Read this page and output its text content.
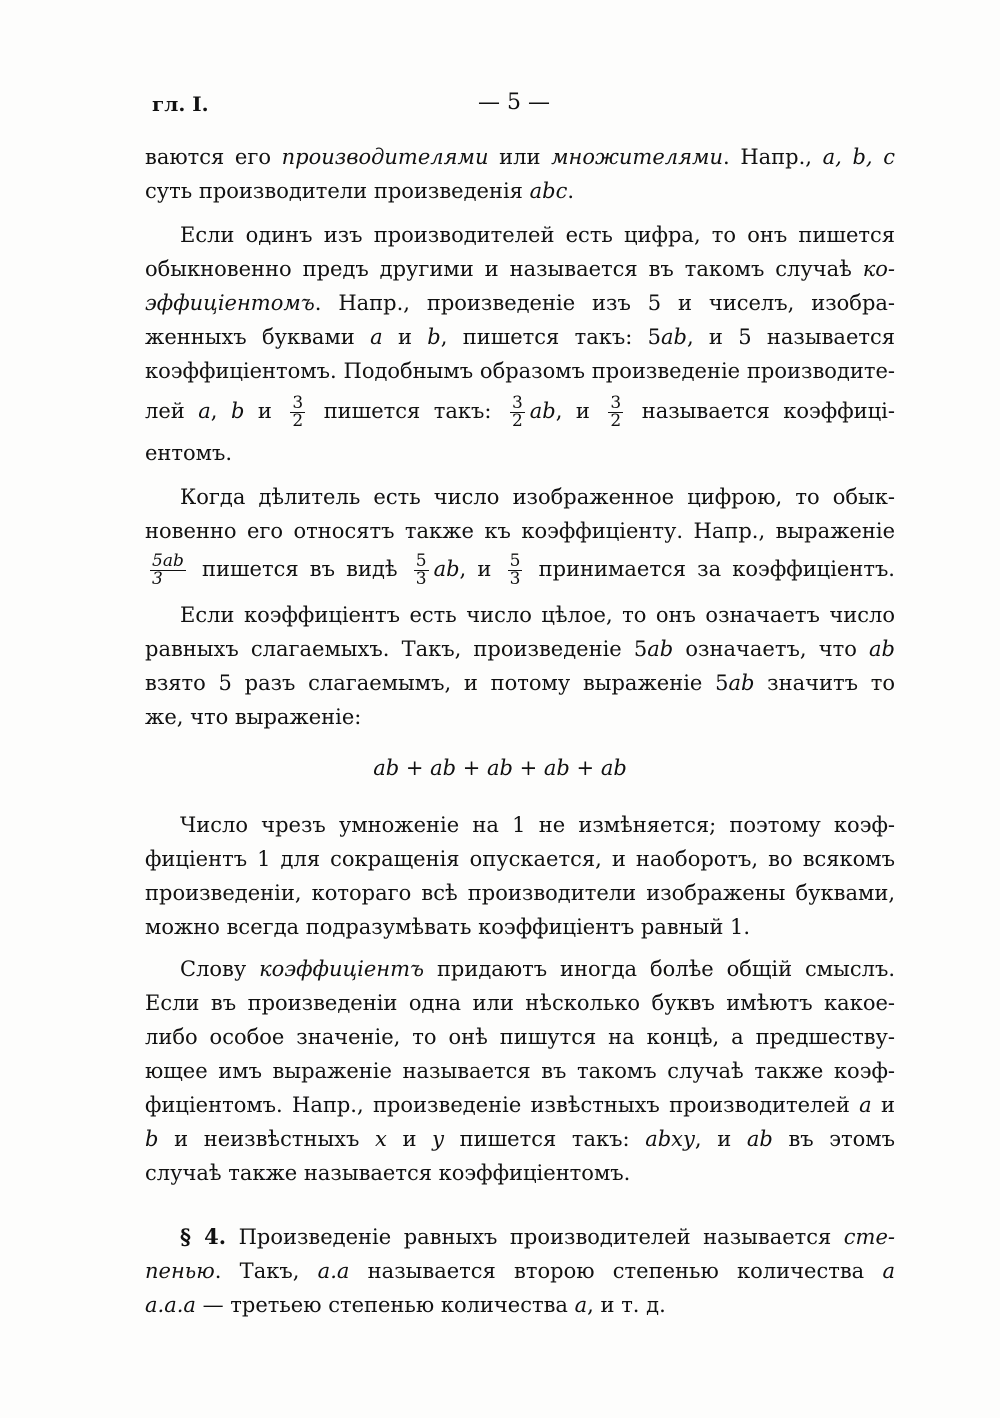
гл. I.	— 5 —
ваются его производителями или множителями. Напр., a, b, c
суть производители произведенія abc.
Если одинъ изъ производителей есть цифра, то онъ пишется
обыкновенно предъ другими и называется въ такомъ случаѣ ко-
эффиціентомъ. Напр., произведеніе изъ 5 и чиселъ, изобра-
женныхъ буквами a и b, пишется такъ: 5ab, и 5 называется
коэффиціентомъ. Подобнымъ образомъ произведеніе производите-
лей a, b и $\frac{3}{2}$ пишется такъ: $\frac{3}{2}$ ab, и $\frac{3}{2}$ называется коэффиці-
ентомъ.
Когда дѣлитель есть число изображенное цифрою, то обык-
новенно его относятъ также къ коэффиціенту. Напр., выраженіе
$\frac{5ab}{3}$ пишется въ видѣ $\frac{5}{3}$ ab, и $\frac{5}{3}$ принимается за коэффиціентъ.
Если коэффиціентъ есть число цѣлое, то онъ означаетъ число
равныхъ слагаемыхъ. Такъ, произведеніе 5ab означаетъ, что ab
взято 5 разъ слагаемымъ, и потому выраженіе 5ab значитъ то
же, что выраженіе:
ab + ab + ab + ab + ab
Число чрезъ умноженіе на 1 не измѣняется; поэтому коэф-
фиціентъ 1 для сокращенія опускается, и наоборотъ, во всякомъ
произведеніи, котораго всѣ производители изображены буквами,
можно всегда подразумѣвать коэффиціентъ равный 1.
Слову коэффиціентъ придаютъ иногда болѣе общій смыслъ.
Если въ произведеніи одна или нѣсколько буквъ имѣютъ какое-
либо особое значеніе, то онѣ пишутся на концѣ, а предшеству-
ющее имъ выраженіе называется въ такомъ случаѣ также коэф-
фиціентомъ. Напр., произведеніе извѣстныхъ производителей a и
b и неизвѣстныхъ x и y пишется такъ: abxy, и ab въ этомъ
случаѣ также называется коэффиціентомъ.
§ 4. Произведеніе равныхъ производителей называется сте-
пенью. Такъ, a.a называется второю степенью количества a
a.a.a — третьею степенью количества a, и т. д.
